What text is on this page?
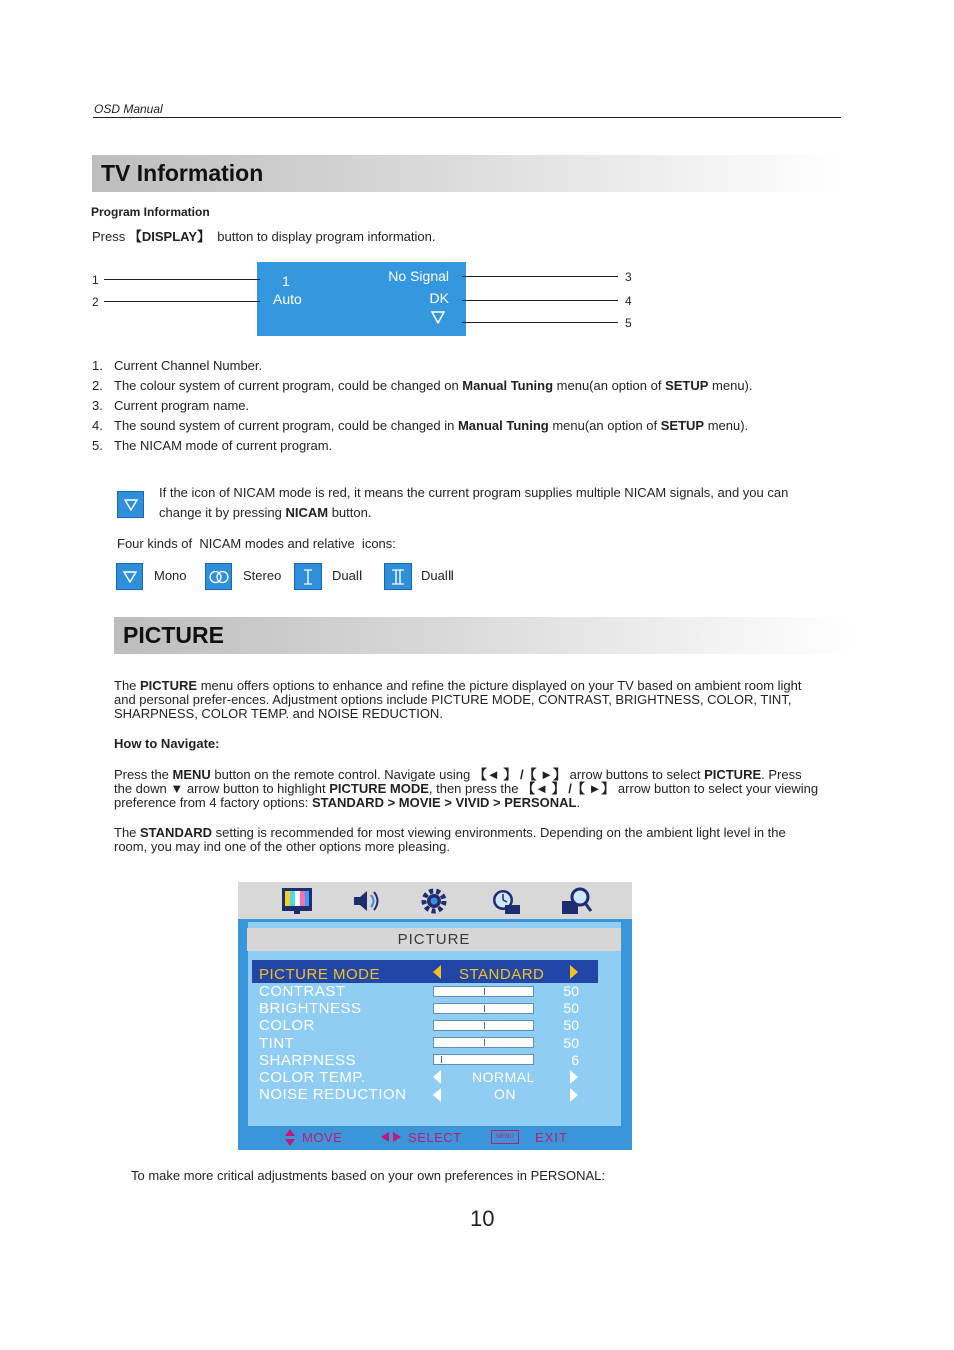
OSD Manual
TV Information
Program Information
Press 【DISPLAY】 button to display program information.
1
Auto
No Signal
DK
1
2
3
4
5
1. Current Channel Number.
2. The colour system of current program, could be changed on Manual Tuning menu(an option of SETUP menu).
3. Current program name.
4. The sound system of current program, could be changed in Manual Tuning menu(an option of SETUP menu).
5. The NICAM mode of current program.
If the icon of NICAM mode is red, it means the current program supplies multiple NICAM signals, and you can
change it by pressing NICAM button.
Four kinds of  NICAM modes and relative  icons:
Mono	Stereo	DualⅠ	DualⅡ
PICTURE
The PICTURE menu offers options to enhance and refine the picture displayed on your TV based on ambient room light
and personal prefer-ences. Adjustment options include PICTURE MODE, CONTRAST, BRIGHTNESS, COLOR, TINT,
SHARPNESS, COLOR TEMP. and NOISE REDUCTION.
How to Navigate:
Press the MENU button on the remote control. Navigate using 【◄ 】 /【 ►】 arrow buttons to select PICTURE. Press
the down ▼ arrow button to highlight PICTURE MODE, then press the 【◄ 】 /【 ►】 arrow button to select your viewing
preference from 4 factory options: STANDARD > MOVIE > VIVID > PERSONAL.
The STANDARD setting is recommended for most viewing environments. Depending on the ambient light level in the
room, you may ind one of the other options more pleasing.
PICTURE
PICTURE MODE	STANDARD
CONTRAST	50
BRIGHTNESS	50
COLOR	50
TINT	50
SHARPNESS	6
COLOR TEMP.	NORMAL
NOISE REDUCTION	ON
MOVE	SELECT	MENU	EXIT
To make more critical adjustments based on your own preferences in PERSONAL:
10
